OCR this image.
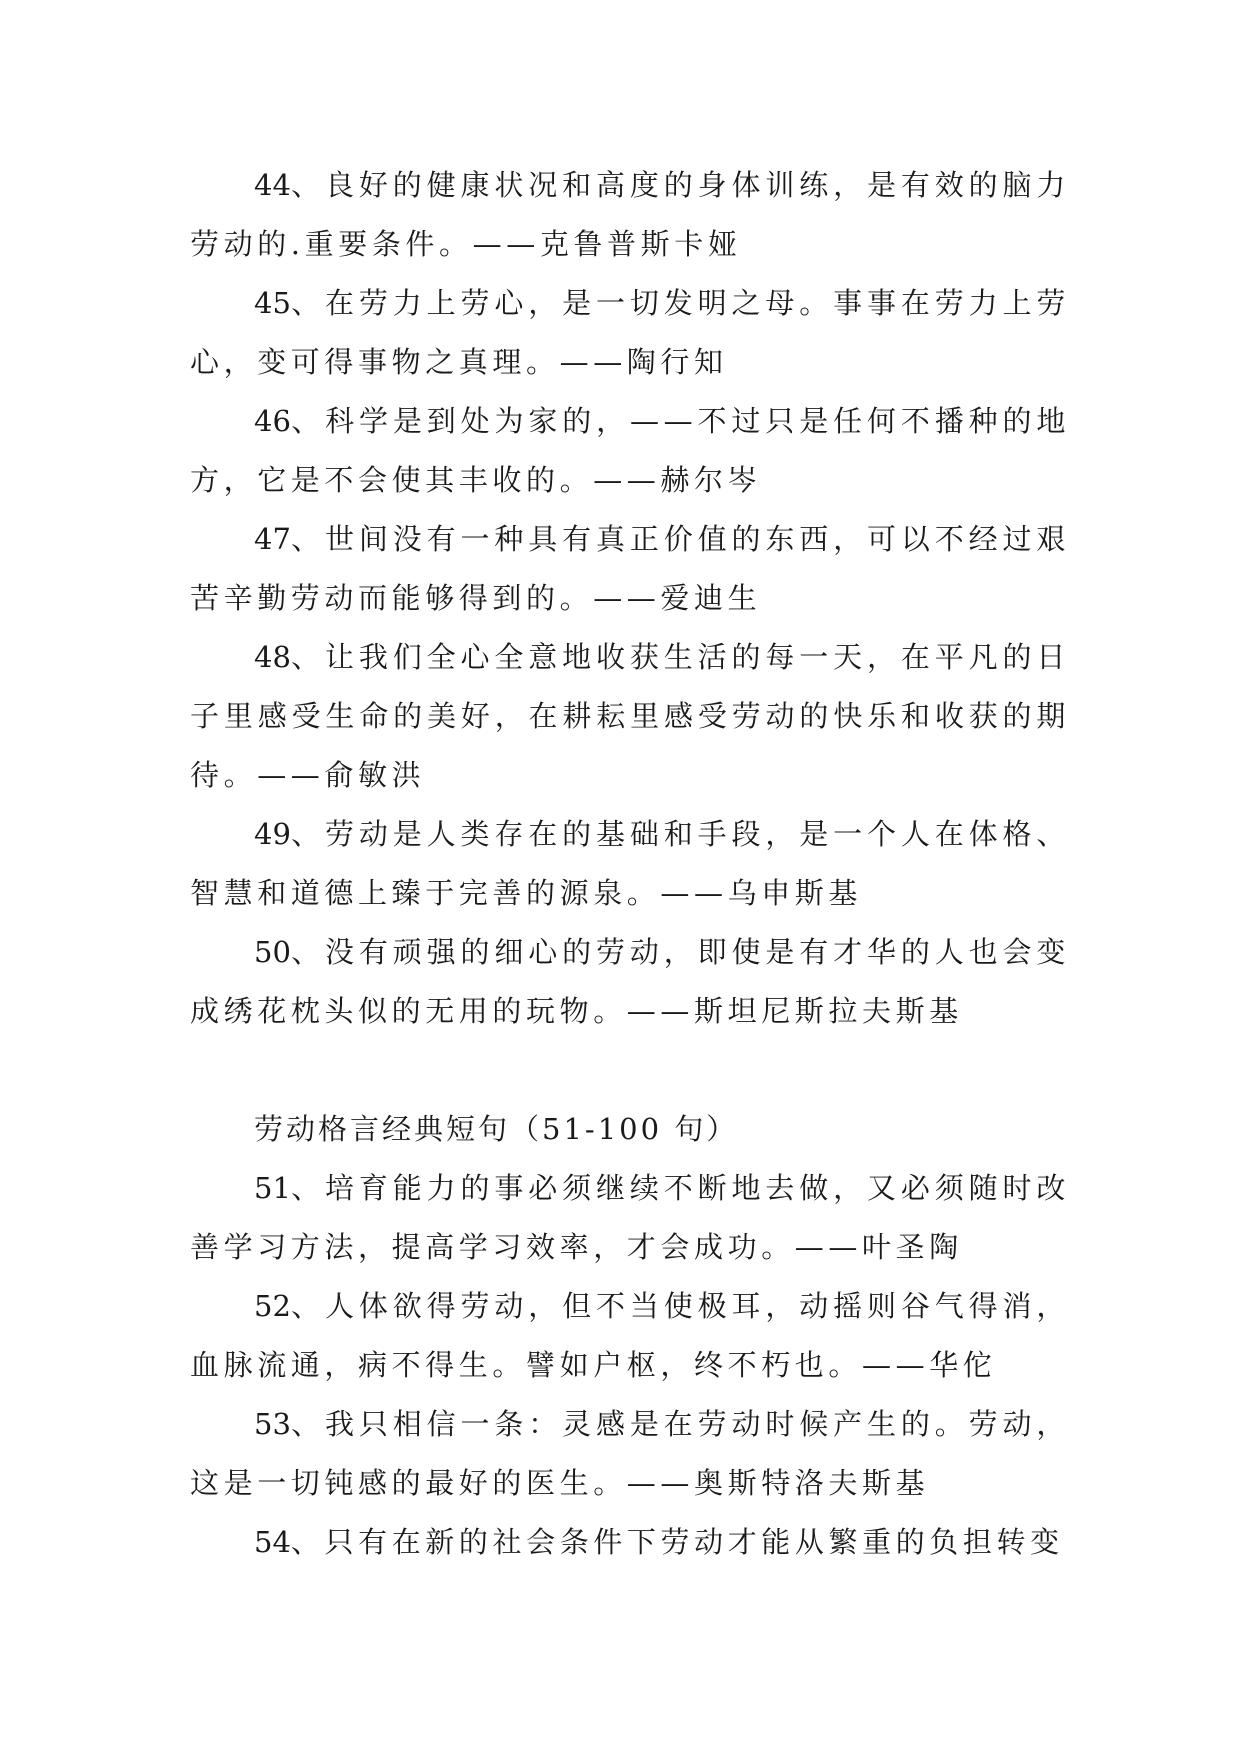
44、良好的健康状况和高度的身体训练，是有效的脑力劳动的.重要条件。——克鲁普斯卡娅

45、在劳力上劳心，是一切发明之母。事事在劳力上劳心，变可得事物之真理。——陶行知

46、科学是到处为家的，——不过只是任何不播种的地方，它是不会使其丰收的。——赫尔岑

47、世间没有一种具有真正价值的东西，可以不经过艰苦辛勤劳动而能够得到的。——爱迪生

48、让我们全心全意地收获生活的每一天，在平凡的日子里感受生命的美好，在耕耘里感受劳动的快乐和收获的期待。——俞敏洪

49、劳动是人类存在的基础和手段，是一个人在体格、智慧和道德上臻于完善的源泉。——乌申斯基

50、没有顽强的细心的劳动，即使是有才华的人也会变成绣花枕头似的无用的玩物。——斯坦尼斯拉夫斯基

劳动格言经典短句（51-100 句）

51、培育能力的事必须继续不断地去做，又必须随时改善学习方法，提高学习效率，才会成功。——叶圣陶

52、人体欲得劳动，但不当使极耳，动摇则谷气得消，血脉流通，病不得生。譬如户枢，终不朽也。——华佗

53、我只相信一条：灵感是在劳动时候产生的。劳动，这是一切钝感的最好的医生。——奥斯特洛夫斯基

54、只有在新的社会条件下劳动才能从繁重的负担转变
